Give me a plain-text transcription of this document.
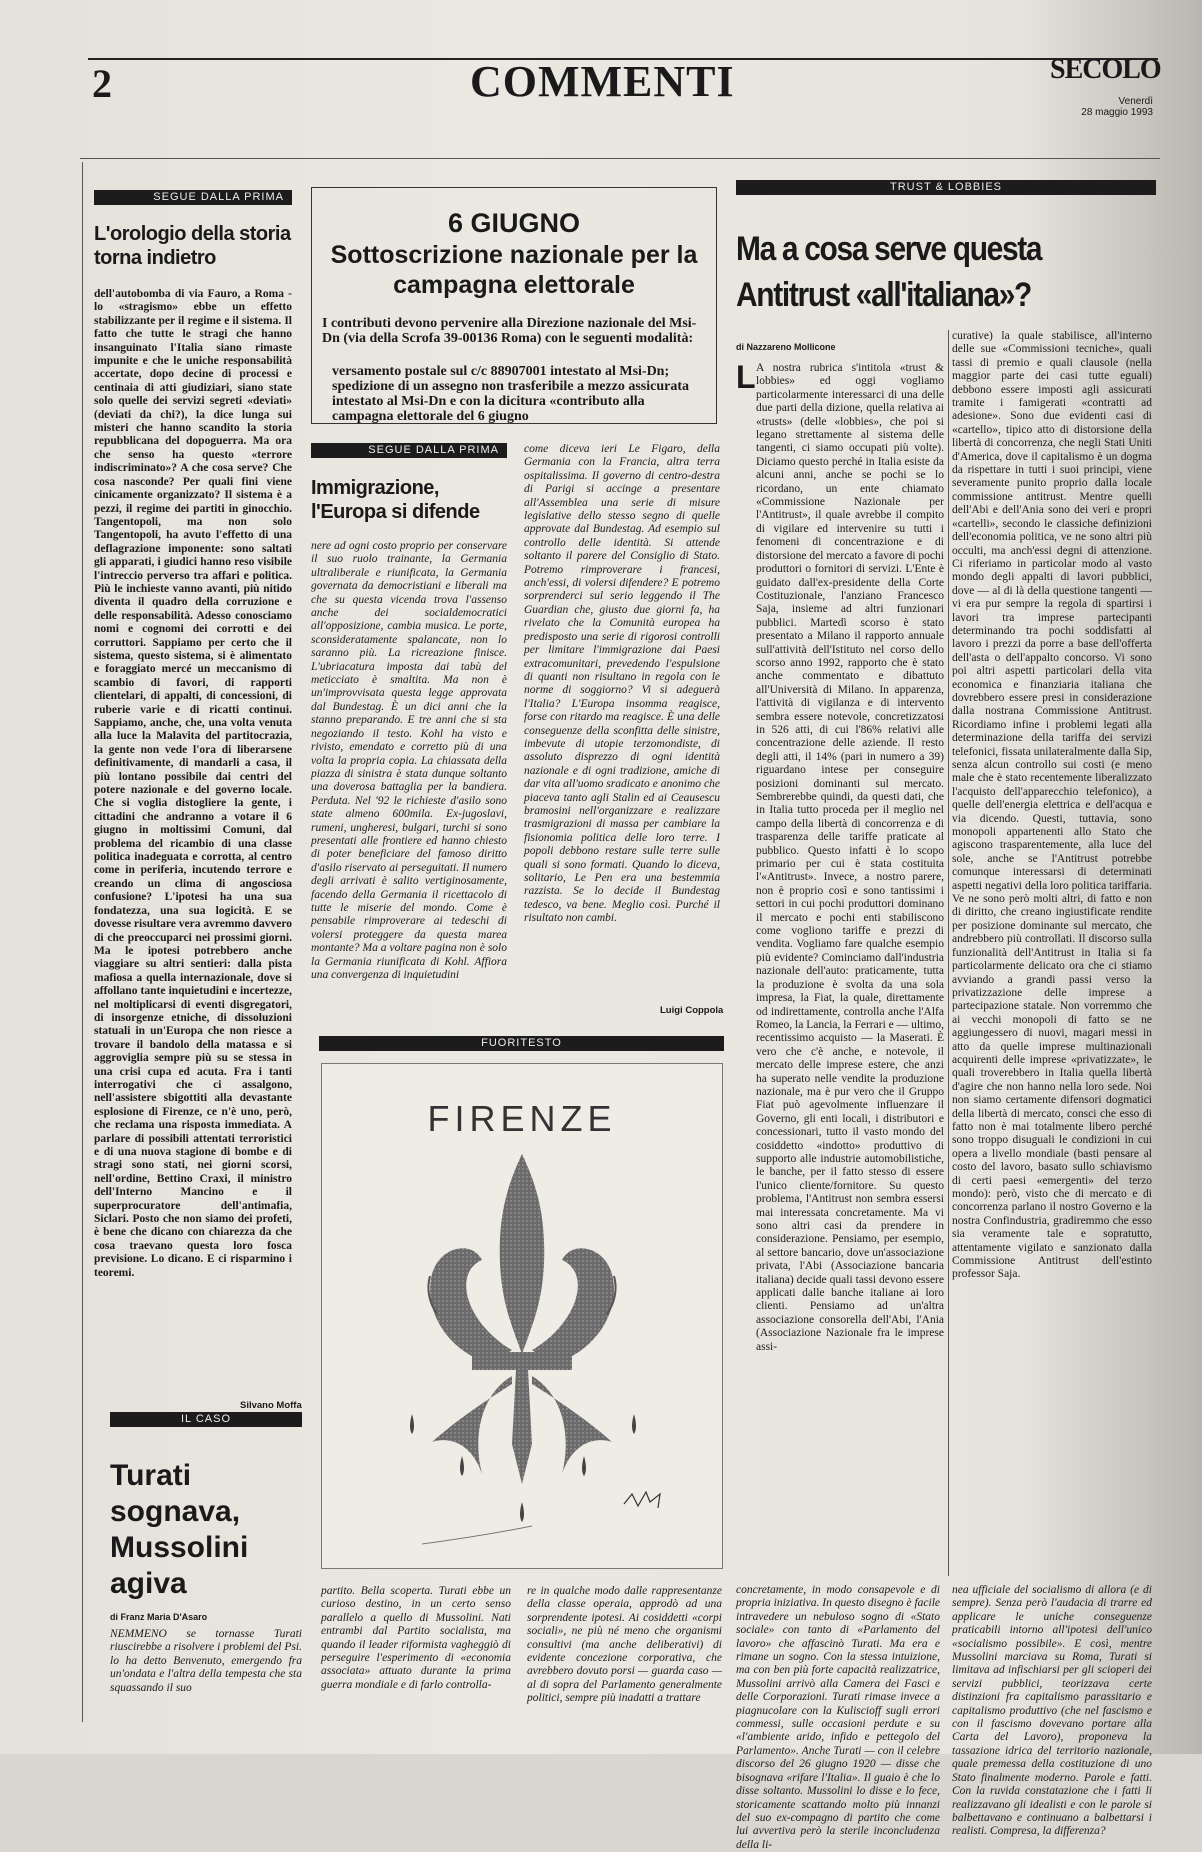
2	COMMENTI	SECOLO
Venerdì
28 maggio 1993
SEGUE DALLA PRIMA
L'orologio della storia torna indietro
dell'autobomba di via Fauro, a Roma - lo «stragismo» ebbe un effetto stabilizzante per il regime e il sistema. Il fatto che tutte le stragi che hanno insanguinato l'Italia siano rimaste impunite e che le uniche responsabilità accertate, dopo decine di processi e centinaia di atti giudiziari, siano state solo quelle dei servizi segreti «deviati» (deviati da chi?), la dice lunga sui misteri che hanno scandito la storia repubblicana del dopoguerra. Ma ora che senso ha questo «terrore indiscriminato»? A che cosa serve? Che cosa nasconde? Per quali fini viene cinicamente organizzato? Il sistema è a pezzi, il regime dei partiti in ginocchio. Tangentopoli, ma non solo Tangentopoli, ha avuto l'effetto di una deflagrazione imponente: sono saltati gli apparati, i giudici hanno reso visibile l'intreccio perverso tra affari e politica. Più le inchieste vanno avanti, più nitido diventa il quadro della corruzione e delle responsabilità. Adesso conosciamo nomi e cognomi dei corrotti e dei corruttori. Sappiamo per certo che il sistema, questo sistema, si è alimentato e foraggiato mercé un meccanismo di scambio di favori, di rapporti clientelari, di appalti, di concessioni, di ruberie varie e di ricatti continui. Sappiamo, anche, che, una volta venuta alla luce la Malavita del partitocrazia, la gente non vede l'ora di liberarsene definitivamente, di mandarli a casa, il più lontano possibile dai centri del potere nazionale e del governo locale. Che si voglia distogliere la gente, i cittadini che andranno a votare il 6 giugno in moltissimi Comuni, dal problema del ricambio di una classe politica inadeguata e corrotta, al centro come in periferia, incutendo terrore e creando un clima di angosciosa confusione? L'ipotesi ha una sua fondatezza, una sua logicità. E se dovesse risultare vera avremmo davvero di che preoccuparci nei prossimi giorni. Ma le ipotesi potrebbero anche viaggiare su altri sentieri: dalla pista mafiosa a quella internazionale, dove si affollano tante inquietudini e incertezze, nel moltiplicarsi di eventi disgregatori, di insorgenze etniche, di dissoluzioni statuali in un'Europa che non riesce a trovare il bandolo della matassa e si aggroviglia sempre più su se stessa in una crisi cupa ed acuta. Fra i tanti interrogativi che ci assalgono, nell'assistere sbigottiti alla devastante esplosione di Firenze, ce n'è uno, però, che reclama una risposta immediata. A parlare di possibili attentati terroristici e di una nuova stagione di bombe e di stragi sono stati, nei giorni scorsi, nell'ordine, Bettino Craxi, il ministro dell'Interno Mancino e il superprocuratore dell'antimafia, Siclari. Posto che non siamo dei profeti, è bene che dicano con chiarezza da che cosa traevano questa loro fosca previsione. Lo dicano. E ci risparmino i teoremi.
Silvano Moffa
IL CASO
Turati sognava, Mussolini agiva
di Franz Maria D'Asaro
NEMMENO se tornasse Turati riuscirebbe a risolvere i problemi del Psi. lo ha detto Benvenuto, emergendo fra un'ondata e l'altra della tempesta che sta squassando il suo
6 GIUGNO
Sottoscrizione nazionale per la campagna elettorale
I contributi devono pervenire alla Direzione nazionale del Msi-Dn (via della Scrofa 39-00136 Roma) con le seguenti modalità:
versamento postale sul c/c 88907001 intestato al Msi-Dn; spedizione di un assegno non trasferibile a mezzo assicurata intestato al Msi-Dn e con la dicitura «contributo alla campagna elettorale del 6 giugno
SEGUE DALLA PRIMA
Immigrazione, l'Europa si difende
nere ad ogni costo proprio per conservare il suo ruolo trainante, la Germania ultraliberale e riunificata, la Germania governata da democristiani e liberali ma che su questa vicenda trova l'assenso anche dei socialdemocratici all'opposizione, cambia musica. Le porte, sconsideratamente spalancate, non lo saranno più. La ricreazione finisce. L'ubriacatura imposta dai tabù del meticciato è smaltita. Ma non è un'improvvisata questa legge approvata dal Bundestag. È un dici anni che la stanno preparando. E tre anni che si sta negoziando il testo. Kohl ha visto e rivisto, emendato e corretto più di una volta la propria copia. La chiassata della piazza di sinistra è stata dunque soltanto una doverosa battaglia per la bandiera. Perduta. Nel '92 le richieste d'asilo sono state almeno 600mila. Ex-jugoslavi, rumeni, ungheresi, bulgari, turchi si sono presentati alle frontiere ed hanno chiesto di poter beneficiare del famoso diritto d'asilo riservato ai perseguitati. Il numero degli arrivati è salito vertiginosamente, facendo della Germania il ricettacolo di tutte le miserie del mondo. Come è pensabile rimproverare ai tedeschi di volersi proteggere da questa marea montante? Ma a voltare pagina non è solo la Germania riunificata di Kohl. Affiora una convergenza di inquietudini
come diceva ieri Le Figaro, della Germania con la Francia, altra terra ospitalissima. Il governo di centro-destra di Parigi si accinge a presentare all'Assemblea una serie di misure legislative dello stesso segno di quelle approvate dal Bundestag. Ad esempio sul controllo delle identità. Si attende soltanto il parere del Consiglio di Stato. Potremo rimproverare i francesi, anch'essi, di volersi difendere? E potremo sorprenderci sul serio leggendo il The Guardian che, giusto due giorni fa, ha rivelato che la Comunità europea ha predisposto una serie di rigorosi controlli per limitare l'immigrazione dai Paesi extracomunitari, prevedendo l'espulsione di quanti non risultano in regola con le norme di soggiorno? Vi si adeguerà l'Italia? L'Europa insomma reagisce, forse con ritardo ma reagisce. È una delle conseguenze della sconfitta delle sinistre, imbevute di utopie terzomondiste, di assoluto disprezzo di ogni identità nazionale e di ogni tradizione, amiche di dar vita all'uomo sradicato e anonimo che piaceva tanto agli Stalin ed ai Ceausescu bramosini nell'organizzare e realizzare trasmigrazioni di massa per cambiare la fisionomia politica delle loro terre. I popoli debbono restare sulle terre sulle quali si sono formati. Quando lo diceva, solitario, Le Pen era una bestemmia razzista. Se lo decide il Bundestag tedesco, va bene. Meglio così. Purché il risultato non cambi.
Luigi Coppola
FUORITESTO
FIRENZE
partito. Bella scoperta. Turati ebbe un curioso destino, in un certo senso parallelo a quello di Mussolini. Nati entrambi dal Partito socialista, ma quando il leader riformista vagheggiò di perseguire l'esperimento di «economia associata» attuato durante la prima guerra mondiale e di farlo controlla-
re in qualche modo dalle rappresentanze della classe operaia, approdò ad una sorprendente ipotesi. Ai cosiddetti «corpi sociali», ne più né meno che organismi consultivi (ma anche deliberativi) di evidente concezione corporativa, che avrebbero dovuto porsi — guarda caso — al di sopra del Parlamento generalmente politici, sempre più inadatti a trattare
TRUST & LOBBIES
Ma a cosa serve questa Antitrust «all'italiana»?
di Nazzareno Mollicone
L A nostra rubrica s'intitola «trust & lobbies» ed oggi vogliamo particolarmente interessarci di una delle due parti della dizione, quella relativa ai «trusts» (delle «lobbies», che poi si legano strettamente al sistema delle tangenti, ci siamo occupati più volte). Diciamo questo perché in Italia esiste da alcuni anni, anche se pochi se lo ricordano, un ente chiamato «Commissione Nazionale per l'Antitrust», il quale avrebbe il compito di vigilare ed intervenire su tutti i fenomeni di concentrazione e di distorsione del mercato a favore di pochi produttori o fornitori di servizi. L'Ente è guidato dall'ex-presidente della Corte Costituzionale, l'anziano Francesco Saja, insieme ad altri funzionari pubblici. Martedì scorso è stato presentato a Milano il rapporto annuale sull'attività dell'Istituto nel corso dello scorso anno 1992, rapporto che è stato anche commentato e dibattuto all'Università di Milano. In apparenza, l'attività di vigilanza e di intervento sembra essere notevole, concretizzatosi in 526 atti, di cui l'86% relativi alle concentrazione delle aziende. Il resto degli atti, il 14% (pari in numero a 39) riguardano intese per conseguire posizioni dominanti sul mercato. Sembrerebbe quindi, da questi dati, che in Italia tutto proceda per il meglio nel campo della libertà di concorrenza e di trasparenza delle tariffe praticate al pubblico. Questo infatti è lo scopo primario per cui è stata costituita l'«Antitrust». Invece, a nostro parere, non è proprio così e sono tantissimi i settori in cui pochi produttori dominano il mercato e pochi enti stabiliscono come vogliono tariffe e prezzi di vendita. Vogliamo fare qualche esempio più evidente? Cominciamo dall'industria nazionale dell'auto: praticamente, tutta la produzione è svolta da una sola impresa, la Fiat, la quale, direttamente od indirettamente, controlla anche l'Alfa Romeo, la Lancia, la Ferrari e — ultimo, recentissimo acquisto — la Maserati. È vero che c'è anche, e notevole, il mercato delle imprese estere, che anzi ha superato nelle vendite la produzione nazionale, ma è pur vero che il Gruppo Fiat può agevolmente influenzare il Governo, gli enti locali, i distributori e concessionari, tutto il vasto mondo del cosiddetto «indotto» produttivo di supporto alle industrie automobilistiche, le banche, per il fatto stesso di essere l'unico cliente/fornitore. Su questo problema, l'Antitrust non sembra essersi mai interessata concretamente. Ma vi sono altri casi da prendere in considerazione. Pensiamo, per esempio, al settore bancario, dove un'associazione privata, l'Abi (Associazione bancaria italiana) decide quali tassi devono essere applicati dalle banche italiane ai loro clienti. Pensiamo ad un'altra associazione consorella dell'Abi, l'Ania (Associazione Nazionale fra le imprese assi-
curative) la quale stabilisce, all'interno delle sue «Commissioni tecniche», quali tassi di premio e quali clausole (nella maggior parte dei casi tutte eguali) debbono essere imposti agli assicurati tramite i famigerati «contratti ad adesione». Sono due evidenti casi di «cartello», tipico atto di distorsione della libertà di concorrenza, che negli Stati Uniti d'America, dove il capitalismo è un dogma da rispettare in tutti i suoi principi, viene severamente punito proprio dalla locale commissione antitrust. Mentre quelli dell'Abi e dell'Ania sono dei veri e propri «cartelli», secondo le classiche definizioni dell'economia politica, ve ne sono altri più occulti, ma anch'essi degni di attenzione. Ci riferiamo in particolar modo al vasto mondo degli appalti di lavori pubblici, dove — al di là della questione tangenti — vi era pur sempre la regola di spartirsi i lavori tra imprese partecipanti determinando tra pochi soddisfatti al lavoro i prezzi da porre a base dell'offerta dell'asta o dell'appalto concorso. Vi sono poi altri aspetti particolari della vita economica e finanziaria italiana che dovrebbero essere presi in considerazione dalla nostrana Commissione Antitrust. Ricordiamo infine i problemi legati alla determinazione della tariffa dei servizi telefonici, fissata unilateralmente dalla Sip, senza alcun controllo sui costi (e meno male che è stato recentemente liberalizzato l'acquisto dell'apparecchio telefonico), a quelle dell'energia elettrica e dell'acqua e via dicendo. Questi, tuttavia, sono monopoli appartenenti allo Stato che agiscono trasparentemente, alla luce del sole, anche se l'Antitrust potrebbe comunque interessarsi di determinati aspetti negativi della loro politica tariffaria. Ve ne sono però molti altri, di fatto e non di diritto, che creano ingiustificate rendite per posizione dominante sul mercato, che andrebbero più controllati. Il discorso sulla funzionalità dell'Antitrust in Italia si fa particolarmente delicato ora che ci stiamo avviando a grandi passi verso la privatizzazione delle imprese a partecipazione statale. Non vorremmo che ai vecchi monopoli di fatto se ne aggiungessero di nuovi, magari messi in atto da quelle imprese multinazionali acquirenti delle imprese «privatizzate», le quali troverebbero in Italia quella libertà d'agire che non hanno nella loro sede. Noi non siamo certamente difensori dogmatici della libertà di mercato, consci che esso di fatto non è mai totalmente libero perché sono troppo disuguali le condizioni in cui opera a livello mondiale (basti pensare al costo del lavoro, basato sullo schiavismo di certi paesi «emergenti» del terzo mondo): però, visto che di mercato e di concorrenza parlano il nostro Governo e la nostra Confindustria, gradiremmo che esso sia veramente tale e sopratutto, attentamente vigilato e sanzionato dalla Commissione Antitrust dell'estinto professor Saja.
concretamente, in modo consapevole e di propria iniziativa. In questo disegno è facile intravedere un nebuloso sogno di «Stato sociale» con tanto di «Parlamento del lavoro» che affascinò Turati. Ma era e rimane un sogno. Con la stessa intuizione, ma con ben più forte capacità realizzatrice, Mussolini arrivò alla Camera dei Fasci e delle Corporazioni. Turati rimase invece a piagnucolare con la Kuliscioff sugli errori commessi, sulle occasioni perdute e su «l'ambiente arido, infido e pettegolo del Parlamento». Anche Turati — con il celebre discorso del 26 giugno 1920 — disse che bisognava «rifare l'Italia». Il guaio è che lo disse soltanto. Mussolini lo disse e lo fece, storicamente scattando molto più innanzi del suo ex-compagno di partito che come lui avvertiva però la sterile inconcludenza della li-
nea ufficiale del socialismo di allora (e di sempre). Senza però l'audacia di trarre ed applicare le uniche conseguenze praticabili intorno all'ipotesi dell'unico «socialismo possibile». E così, mentre Mussolini marciava su Roma, Turati si limitava ad infischiarsi per gli scioperi dei servizi pubblici, teorizzava certe distinzioni fra capitalismo parassitario e capitalismo produttivo (che nel fascismo e con il fascismo dovevano portare alla Carta del Lavoro), proponeva la tassazione idrica del territorio nazionale, quale premessa della costituzione di uno Stato finalmente moderno. Parole e fatti. Con la ruvida constatazione che i fatti li realizzavano gli idealisti e con le parole si balbettavano e continuano a balbettarsi i realisti. Compresa, la differenza?
